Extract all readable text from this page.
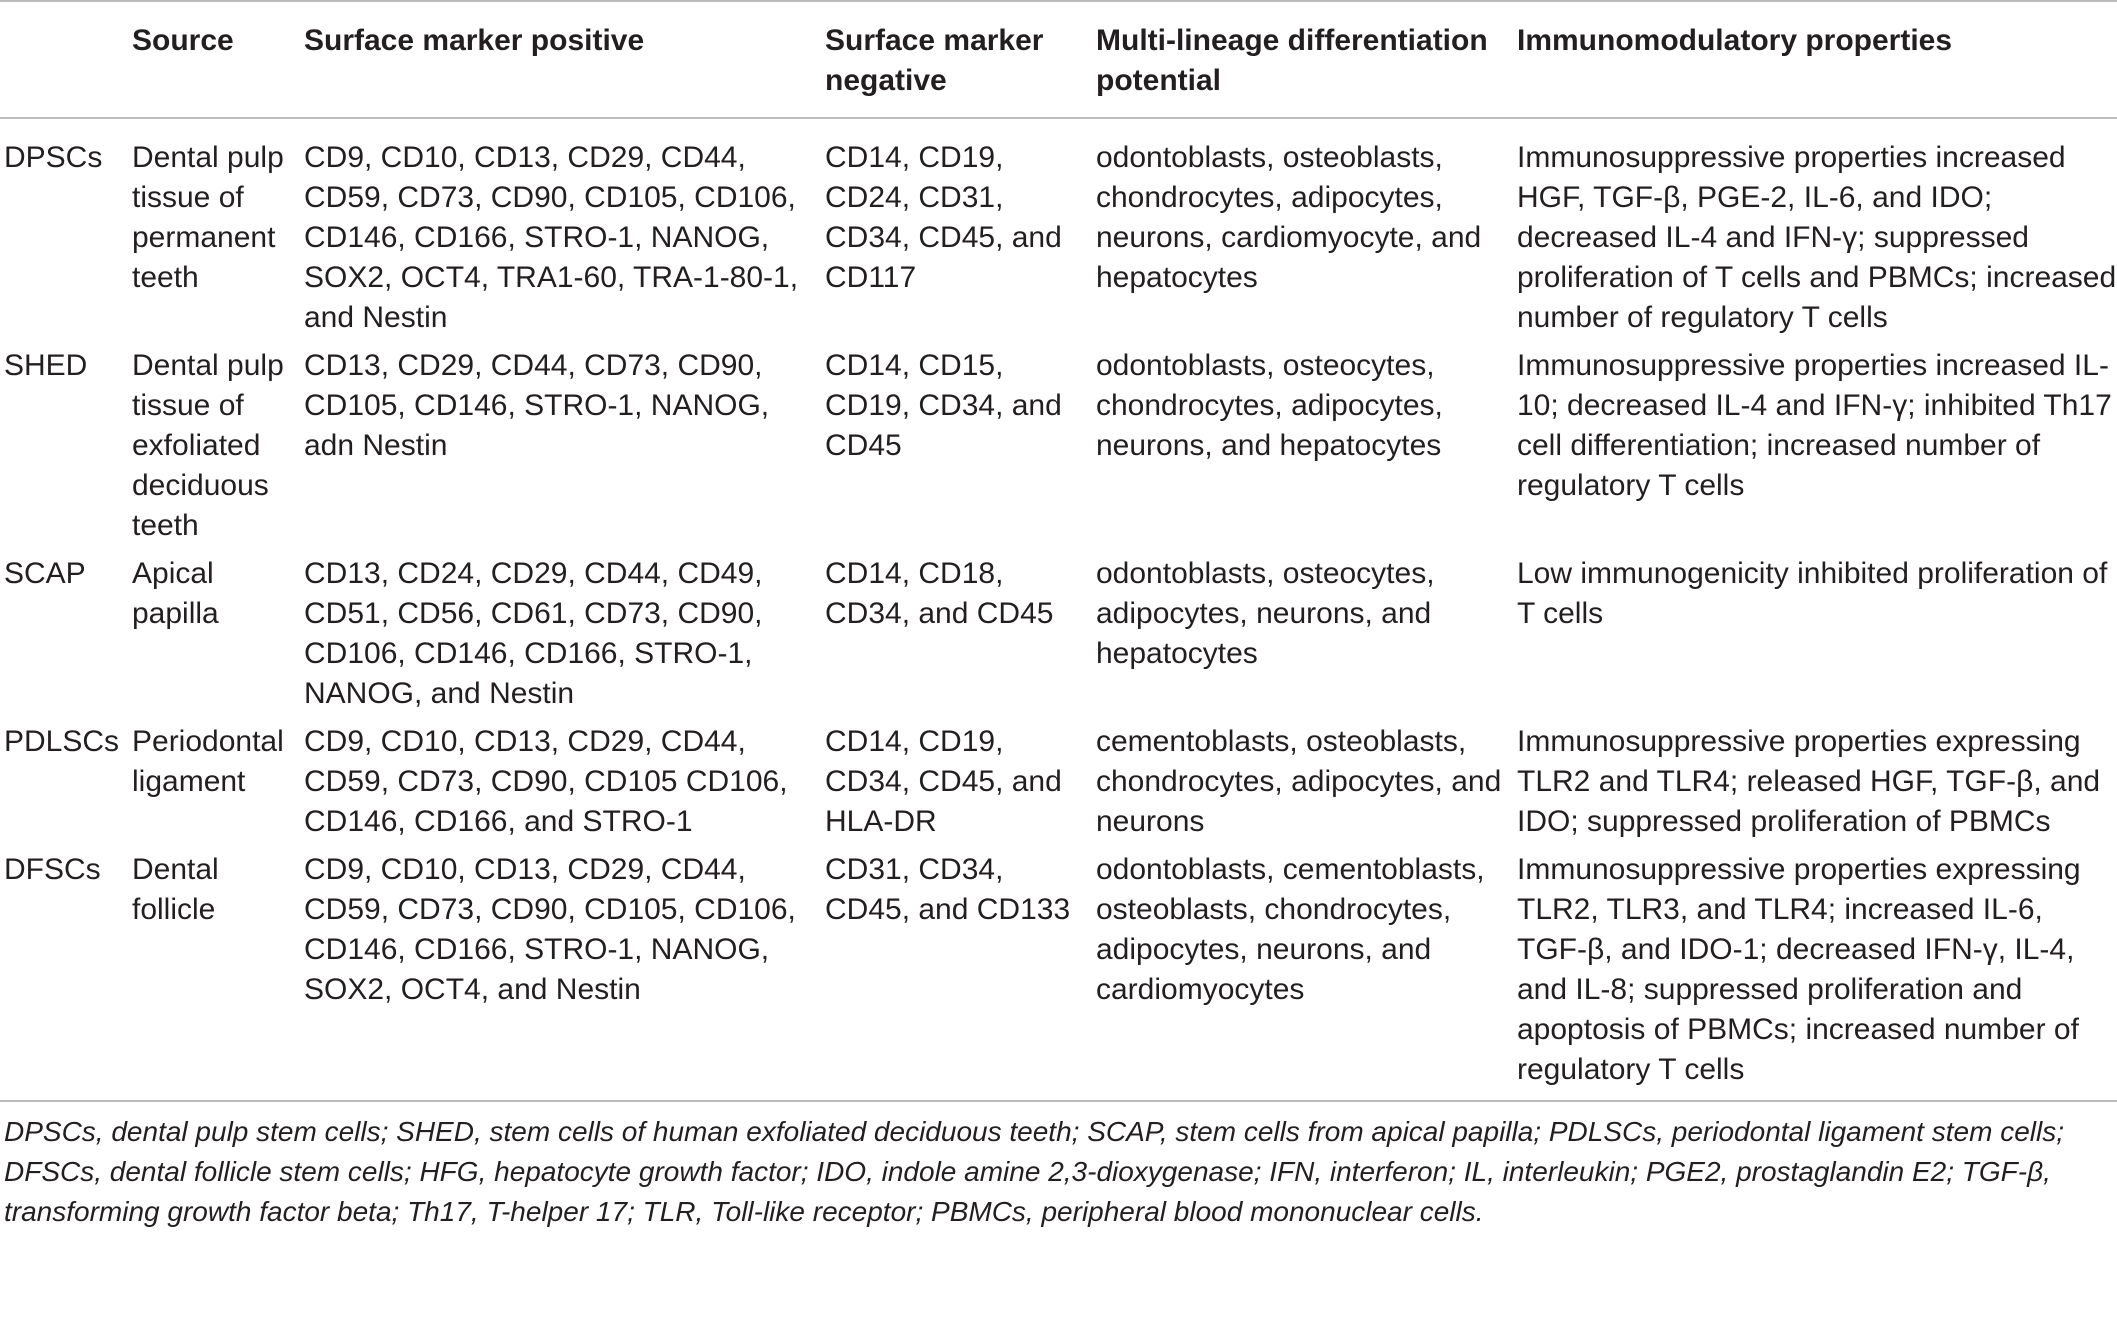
	Source	Surface marker positive	Surface marker negative	Multi-lineage differentiation potential	Immunomodulatory properties
DPSCs	Dental pulp tissue of permanent teeth	CD9, CD10, CD13, CD29, CD44, CD59, CD73, CD90, CD105, CD106, CD146, CD166, STRO-1, NANOG, SOX2, OCT4, TRA1-60, TRA-1-80-1, and Nestin	CD14, CD19, CD24, CD31, CD34, CD45, and CD117	odontoblasts, osteoblasts, chondrocytes, adipocytes, neurons, cardiomyocyte, and hepatocytes	Immunosuppressive properties increased HGF, TGF-β, PGE-2, IL-6, and IDO; decreased IL-4 and IFN-γ; suppressed proliferation of T cells and PBMCs; increased number of regulatory T cells
SHED	Dental pulp tissue of exfoliated deciduous teeth	CD13, CD29, CD44, CD73, CD90, CD105, CD146, STRO-1, NANOG, adn Nestin	CD14, CD15, CD19, CD34, and CD45	odontoblasts, osteocytes, chondrocytes, adipocytes, neurons, and hepatocytes	Immunosuppressive properties increased IL-10; decreased IL-4 and IFN-γ; inhibited Th17 cell differentiation; increased number of regulatory T cells
SCAP	Apical papilla	CD13, CD24, CD29, CD44, CD49, CD51, CD56, CD61, CD73, CD90, CD106, CD146, CD166, STRO-1, NANOG, and Nestin	CD14, CD18, CD34, and CD45	odontoblasts, osteocytes, adipocytes, neurons, and hepatocytes	Low immunogenicity inhibited proliferation of T cells
PDLSCs	Periodontal ligament	CD9, CD10, CD13, CD29, CD44, CD59, CD73, CD90, CD105 CD106, CD146, CD166, and STRO-1	CD14, CD19, CD34, CD45, and HLA-DR	cementoblasts, osteoblasts, chondrocytes, adipocytes, and neurons	Immunosuppressive properties expressing TLR2 and TLR4; released HGF, TGF-β, and IDO; suppressed proliferation of PBMCs
DFSCs	Dental follicle	CD9, CD10, CD13, CD29, CD44, CD59, CD73, CD90, CD105, CD106, CD146, CD166, STRO-1, NANOG, SOX2, OCT4, and Nestin	CD31, CD34, CD45, and CD133	odontoblasts, cementoblasts, osteoblasts, chondrocytes, adipocytes, neurons, and cardiomyocytes	Immunosuppressive properties expressing TLR2, TLR3, and TLR4; increased IL-6, TGF-β, and IDO-1; decreased IFN-γ, IL-4, and IL-8; suppressed proliferation and apoptosis of PBMCs; increased number of regulatory T cells
DPSCs, dental pulp stem cells; SHED, stem cells of human exfoliated deciduous teeth; SCAP, stem cells from apical papilla; PDLSCs, periodontal ligament stem cells; DFSCs, dental follicle stem cells; HFG, hepatocyte growth factor; IDO, indole amine 2,3-dioxygenase; IFN, interferon; IL, interleukin; PGE2, prostaglandin E2; TGF-β, transforming growth factor beta; Th17, T-helper 17; TLR, Toll-like receptor; PBMCs, peripheral blood mononuclear cells.
